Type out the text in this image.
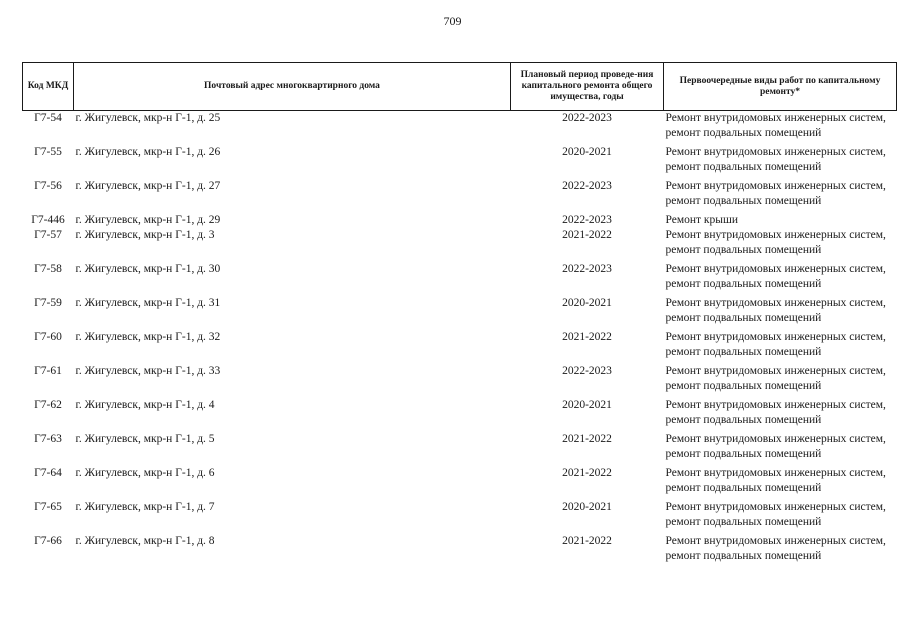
709
Код МКД	Почтовый адрес многоквартирного дома	Плановый период проведе-ния капитального ремонта общего имущества, годы	Первоочередные виды работ по капитальному ремонту*
Г7-54	г. Жигулевск, мкр-н Г-1, д. 25	2022-2023	Ремонт внутридомовых инженерных систем,
ремонт подвальных помещений

Г7-55	г. Жигулевск, мкр-н Г-1, д. 26	2020-2021	Ремонт внутридомовых инженерных систем,
ремонт подвальных помещений

Г7-56	г. Жигулевск, мкр-н Г-1, д. 27	2022-2023	Ремонт внутридомовых инженерных систем,
ремонт подвальных помещений

Г7-446	г. Жигулевск, мкр-н Г-1, д. 29	2022-2023	Ремонт крыши

Г7-57	г. Жигулевск, мкр-н Г-1, д. 3	2021-2022	Ремонт внутридомовых инженерных систем,
ремонт подвальных помещений

Г7-58	г. Жигулевск, мкр-н Г-1, д. 30	2022-2023	Ремонт внутридомовых инженерных систем,
ремонт подвальных помещений

Г7-59	г. Жигулевск, мкр-н Г-1, д. 31	2020-2021	Ремонт внутридомовых инженерных систем,
ремонт подвальных помещений

Г7-60	г. Жигулевск, мкр-н Г-1, д. 32	2021-2022	Ремонт внутридомовых инженерных систем,
ремонт подвальных помещений

Г7-61	г. Жигулевск, мкр-н Г-1, д. 33	2022-2023	Ремонт внутридомовых инженерных систем,
ремонт подвальных помещений

Г7-62	г. Жигулевск, мкр-н Г-1, д. 4	2020-2021	Ремонт внутридомовых инженерных систем,
ремонт подвальных помещений

Г7-63	г. Жигулевск, мкр-н Г-1, д. 5	2021-2022	Ремонт внутридомовых инженерных систем,
ремонт подвальных помещений

Г7-64	г. Жигулевск, мкр-н Г-1, д. 6	2021-2022	Ремонт внутридомовых инженерных систем,
ремонт подвальных помещений

Г7-65	г. Жигулевск, мкр-н Г-1, д. 7	2020-2021	Ремонт внутридомовых инженерных систем,
ремонт подвальных помещений

Г7-66	г. Жигулевск, мкр-н Г-1, д. 8	2021-2022	Ремонт внутридомовых инженерных систем,
ремонт подвальных помещений
